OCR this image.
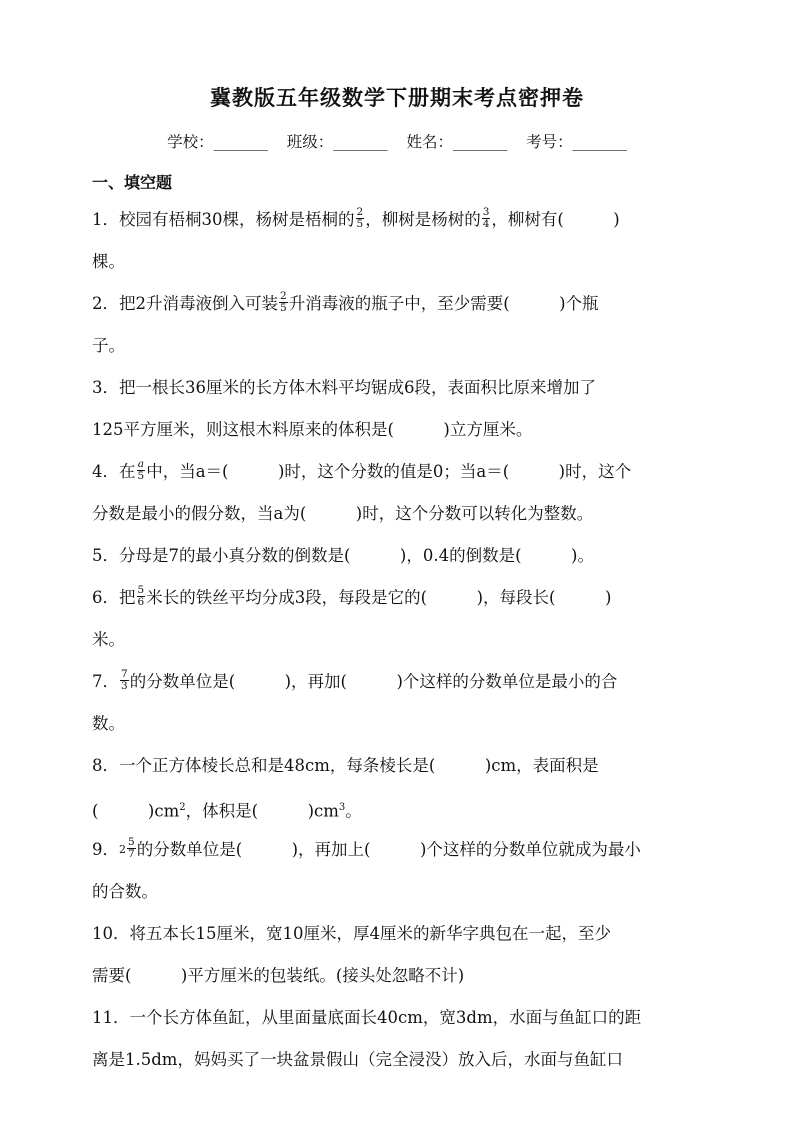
冀教版五年级数学下册期末考点密押卷
学校：_______ 班级：_______ 姓名：_______ 考号：_______
一、填空题
1．校园有梧桐30棵，杨树是梧桐的 $\frac{2}{5}$ ，柳树是杨树的 $\frac{3}{4}$ ，柳树有(　　　)
棵。
2．把2升消毒液倒入可装 $\frac{2}{5}$ 升消毒液的瓶子中，至少需要(　　　)个瓶
子。
3．把一根长36厘米的长方体木料平均锯成6段，表面积比原来增加了
125平方厘米，则这根木料原来的体积是(　　　)立方厘米。
4．在 $\frac{a}{5}$ 中，当a＝(　　　)时，这个分数的值是0；当a＝(　　　)时，这个
分数是最小的假分数，当a为(　　　)时，这个分数可以转化为整数。
5．分母是7的最小真分数的倒数是(　　　)，0.4的倒数是(　　　)。
6．把 $\frac{5}{6}$ 米长的铁丝平均分成3段，每段是它的(　　　)，每段长(　　　)
米。
7． $\frac{7}{3}$ 的分数单位是(　　　)，再加(　　　)个这样的分数单位是最小的合
数。
8．一个正方体棱长总和是48cm，每条棱长是(　　　)cm，表面积是
(　　　)$cm^2$，体积是(　　　)$cm^3$。
9．$2 \frac{5}{7}$ 的分数单位是(　　　)，再加上(　　　)个这样的分数单位就成为最小
的合数。
10．将五本长15厘米，宽10厘米，厚4厘米的新华字典包在一起，至少
需要(　　　)平方厘米的包装纸。(接头处忽略不计)
11．一个长方体鱼缸，从里面量底面长40cm，宽3dm，水面与鱼缸口的距
离是1.5dm，妈妈买了一块盆景假山（完全浸没）放入后，水面与鱼缸口
